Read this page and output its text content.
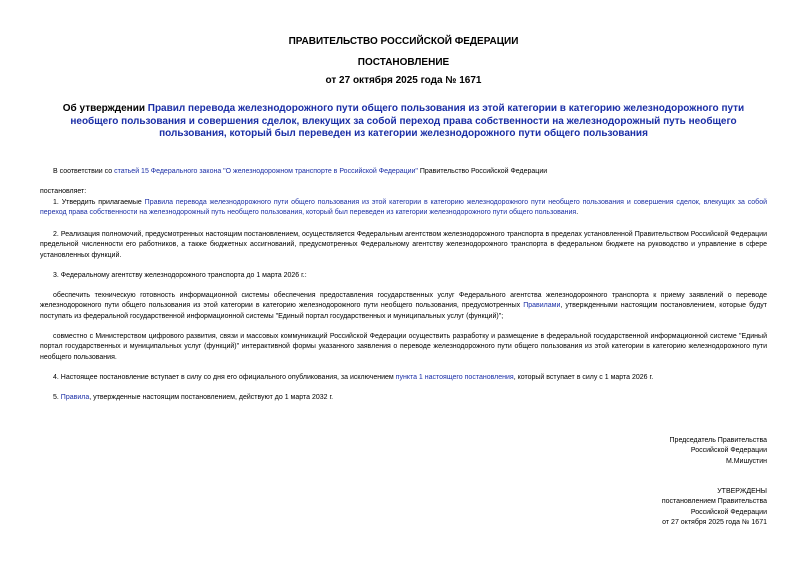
ПРАВИТЕЛЬСТВО РОССИЙСКОЙ ФЕДЕРАЦИИ
ПОСТАНОВЛЕНИЕ
от 27 октября 2025 года № 1671
Об утверждении Правил перевода железнодорожного пути общего пользования из этой категории в категорию железнодорожного пути необщего пользования и совершения сделок, влекущих за собой переход права собственности на железнодорожный путь необщего пользования, который был переведен из категории железнодорожного пути общего пользования
В соответствии со статьей 15 Федерального закона "О железнодорожном транспорте в Российской Федерации" Правительство Российской Федерации
постановляет:
1. Утвердить прилагаемые Правила перевода железнодорожного пути общего пользования из этой категории в категорию железнодорожного пути необщего пользования и совершения сделок, влекущих за собой переход права собственности на железнодорожный путь необщего пользования, который был переведен из категории железнодорожного пути общего пользования.
2. Реализация полномочий, предусмотренных настоящим постановлением, осуществляется Федеральным агентством железнодорожного транспорта в пределах установленной Правительством Российской Федерации предельной численности его работников, а также бюджетных ассигнований, предусмотренных Федеральному агентству железнодорожного транспорта в федеральном бюджете на руководство и управление в сфере установленных функций.
3. Федеральному агентству железнодорожного транспорта до 1 марта 2026 г.:
обеспечить техническую готовность информационной системы обеспечения предоставления государственных услуг Федерального агентства железнодорожного транспорта к приему заявлений о переводе железнодорожного пути общего пользования из этой категории в категорию железнодорожного пути необщего пользования, предусмотренных Правилами, утвержденными настоящим постановлением, которые будут поступать из федеральной государственной информационной системы "Единый портал государственных и муниципальных услуг (функций)";
совместно с Министерством цифрового развития, связи и массовых коммуникаций Российской Федерации осуществить разработку и размещение в федеральной государственной информационной системе "Единый портал государственных и муниципальных услуг (функций)" интерактивной формы указанного заявления о переводе железнодорожного пути общего пользования из этой категории в категорию железнодорожного пути необщего пользования.
4. Настоящее постановление вступает в силу со дня его официального опубликования, за исключением пункта 1 настоящего постановления, который вступает в силу с 1 марта 2026 г.
5. Правила, утвержденные настоящим постановлением, действуют до 1 марта 2032 г.
Председатель Правительства
Российской Федерации
М.Мишустин
УТВЕРЖДЕНЫ
постановлением Правительства
Российской Федерации
от 27 октября 2025 года № 1671
